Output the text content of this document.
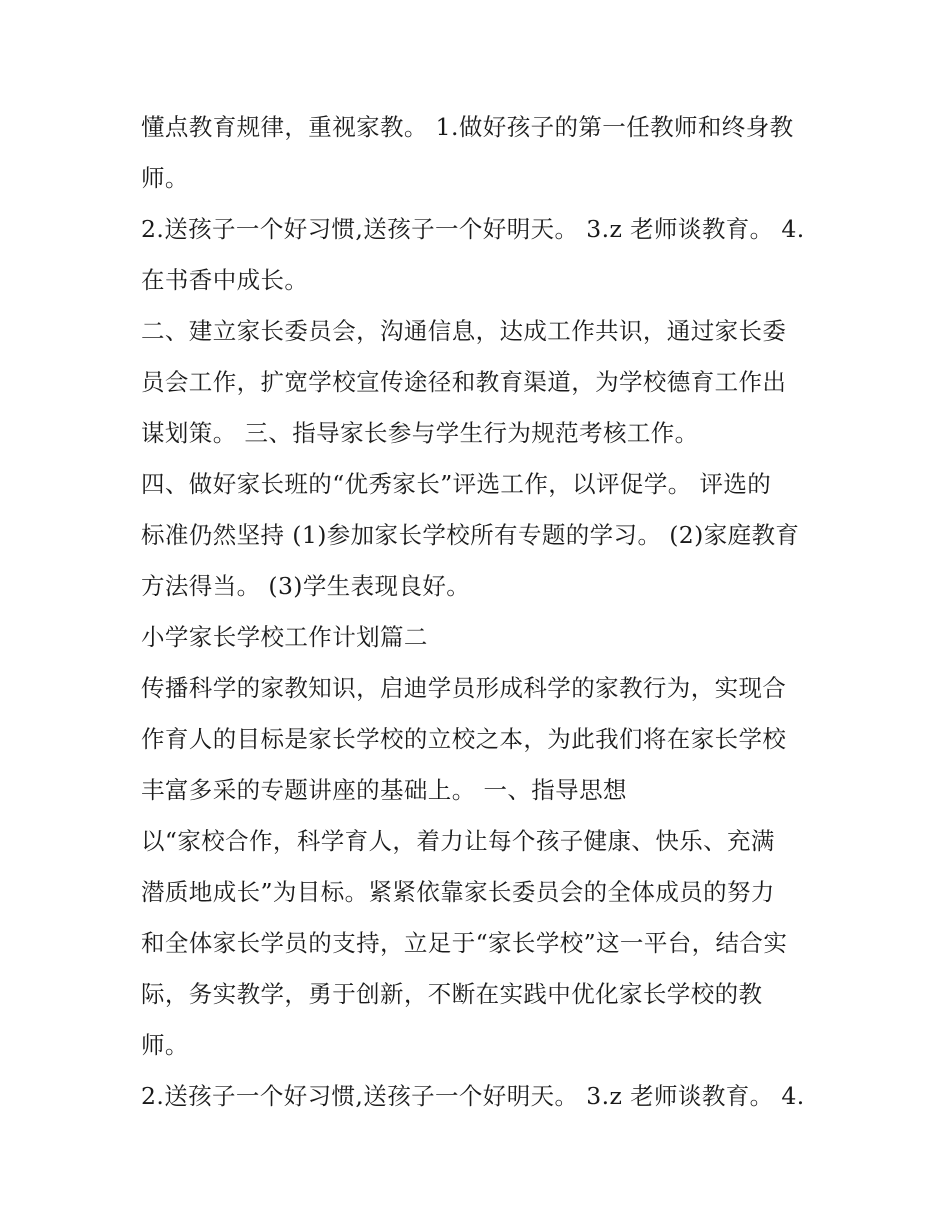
懂点教育规律，重视家教。 1.做好孩子的第一任教师和终身教
师。
2.送孩子一个好习惯,送孩子一个好明天。 3.z 老师谈教育。 4.
在书香中成长。
二、建立家长委员会，沟通信息，达成工作共识，通过家长委
员会工作，扩宽学校宣传途径和教育渠道，为学校德育工作出
谋划策。 三、指导家长参与学生行为规范考核工作。
四、做好家长班的“优秀家长”评选工作，以评促学。 评选的
标准仍然坚持 (1)参加家长学校所有专题的学习。 (2)家庭教育
方法得当。 (3)学生表现良好。
小学家长学校工作计划篇二
传播科学的家教知识，启迪学员形成科学的家教行为，实现合
作育人的目标是家长学校的立校之本，为此我们将在家长学校
丰富多采的专题讲座的基础上。 一、指导思想
以“家校合作，科学育人，着力让每个孩子健康、快乐、充满
潜质地成长”为目标。紧紧依靠家长委员会的全体成员的努力
和全体家长学员的支持，立足于“家长学校”这一平台，结合实
际，务实教学，勇于创新，不断在实践中优化家长学校的教
师。
2.送孩子一个好习惯,送孩子一个好明天。 3.z 老师谈教育。 4.
